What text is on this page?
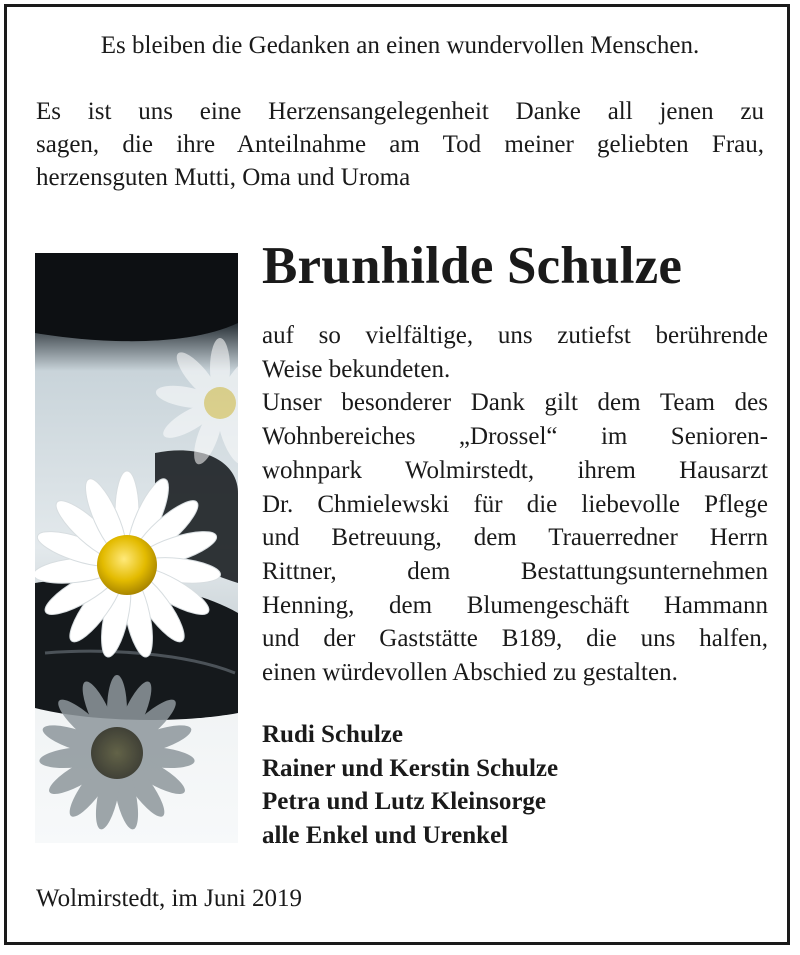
Es bleiben die Gedanken an einen wundervollen Menschen.
Es ist uns eine Herzensangelegenheit Danke all jenen zu
sagen, die ihre Anteilnahme am Tod meiner geliebten Frau,
herzensguten Mutti, Oma und Uroma
Brunhilde Schulze
auf so vielfältige, uns zutiefst berührende
Weise bekundeten.
Unser besonderer Dank gilt dem Team des
Wohnbereiches „Drossel“ im Senioren-
wohnpark Wolmirstedt, ihrem Hausarzt
Dr. Chmielewski für die liebevolle Pflege
und Betreuung, dem Trauerredner Herrn
Rittner, dem Bestattungsunternehmen
Henning, dem Blumengeschäft Hammann
und der Gaststätte B189, die uns halfen,
einen würdevollen Abschied zu gestalten.
Rudi Schulze
Rainer und Kerstin Schulze
Petra und Lutz Kleinsorge
alle Enkel und Urenkel
Wolmirstedt, im Juni 2019
